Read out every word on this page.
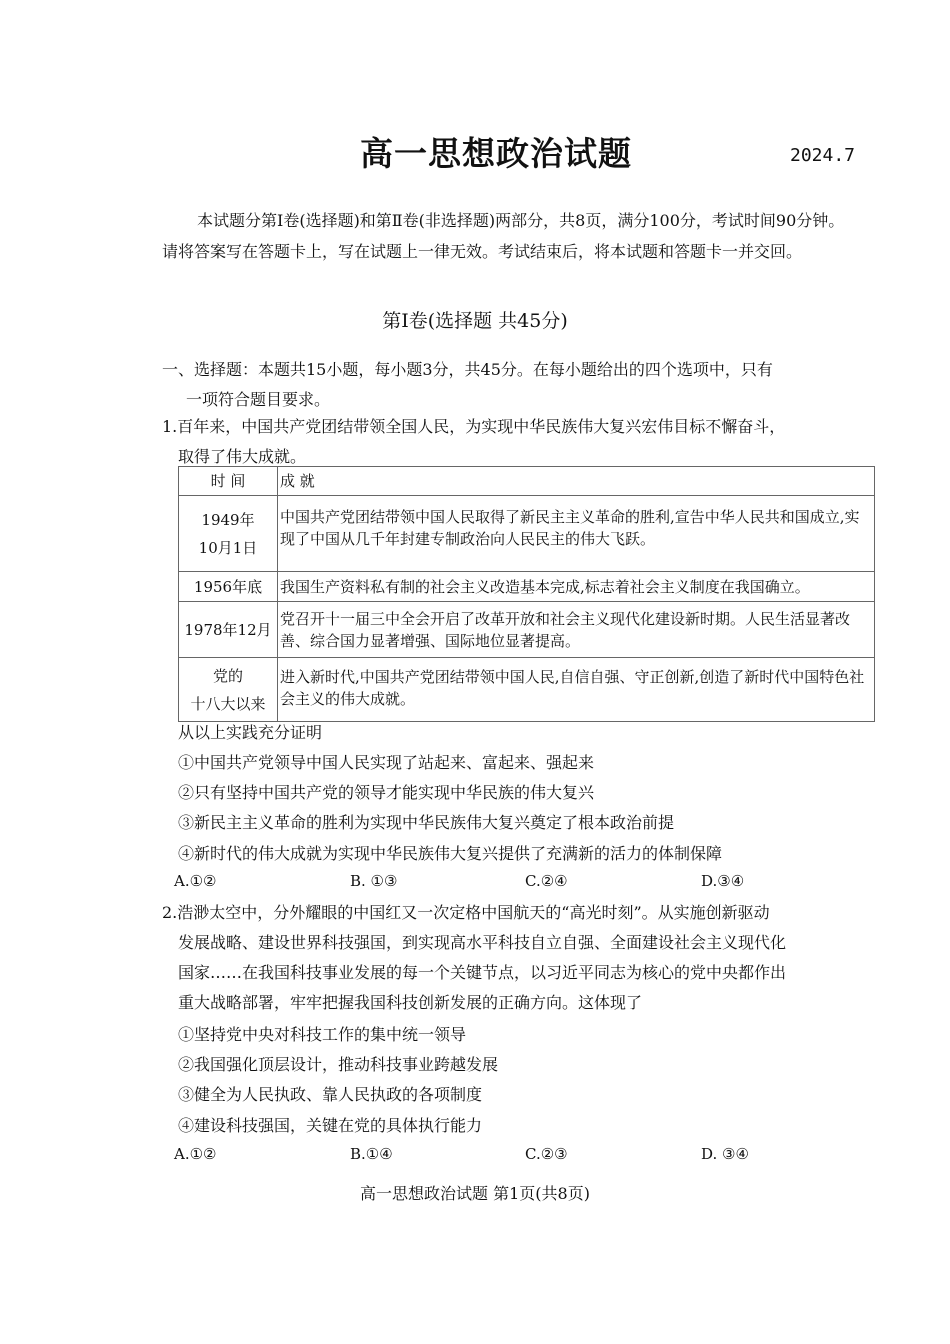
高一思想政治试题	2024.7
本试题分第Ⅰ卷(选择题)和第Ⅱ卷(非选择题)两部分，共8页，满分100分，考试时间90分钟。请将答案写在答题卡上，写在试题上一律无效。考试结束后，将本试题和答题卡一并交回。
第Ⅰ卷(选择题 共45分)
一、选择题：本题共15小题，每小题3分，共45分。在每小题给出的四个选项中，只有
一项符合题目要求。
1.百年来，中国共产党团结带领全国人民，为实现中华民族伟大复兴宏伟目标不懈奋斗，
取得了伟大成就。
时 间	成 就

1949年
10月1日	中国共产党团结带领中国人民取得了新民主主义革命的胜利,宣告中华人民共和国成立,实现了中国从几千年封建专制政治向人民民主的伟大飞跃。
1956年底	我国生产资料私有制的社会主义改造基本完成,标志着社会主义制度在我国确立。
1978年12月	党召开十一届三中全会开启了改革开放和社会主义现代化建设新时期。人民生活显著改善、综合国力显著增强、国际地位显著提高。

党的
十八大以来	进入新时代,中国共产党团结带领中国人民,自信自强、守正创新,创造了新时代中国特色社会主义的伟大成就。
从以上实践充分证明
①中国共产党领导中国人民实现了站起来、富起来、强起来
②只有坚持中国共产党的领导才能实现中华民族的伟大复兴
③新民主主义革命的胜利为实现中华民族伟大复兴奠定了根本政治前提
④新时代的伟大成就为实现中华民族伟大复兴提供了充满新的活力的体制保障
A.①②	B. ①③	C.②④	D.③④
2.浩渺太空中，分外耀眼的中国红又一次定格中国航天的“高光时刻”。从实施创新驱动
发展战略、建设世界科技强国，到实现高水平科技自立自强、全面建设社会主义现代化
国家……在我国科技事业发展的每一个关键节点，以习近平同志为核心的党中央都作出
重大战略部署，牢牢把握我国科技创新发展的正确方向。这体现了
①坚持党中央对科技工作的集中统一领导
②我国强化顶层设计，推动科技事业跨越发展
③健全为人民执政、靠人民执政的各项制度
④建设科技强国，关键在党的具体执行能力
A.①②	B.①④	C.②③	D. ③④
高一思想政治试题 第1页(共8页)
